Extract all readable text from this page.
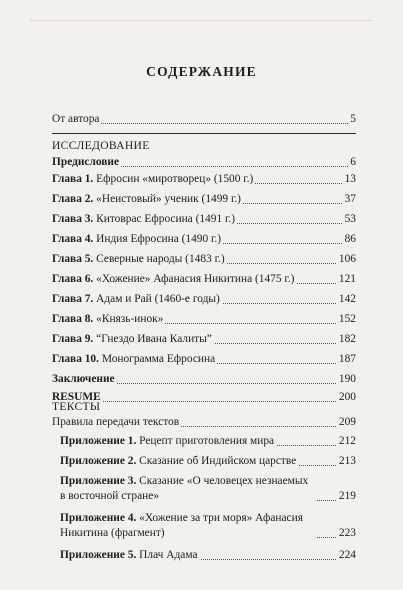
СОДЕРЖАНИЕ
От автора	5
ИССЛЕДОВАНИЕ
Предисловие	6
Глава 1. Ефросин «миротворец» (1500 г.)	13
Глава 2. «Неистовый» ученик (1499 г.)	37
Глава 3. Китоврас Ефросина (1491 г.)	53
Глава 4. Индия Ефросина (1490 г.)	86
Глава 5. Северные народы (1483 г.)	106
Глава 6. «Хожение» Афанасия Никитина (1475 г.)	121
Глава 7. Адам и Рай (1460-е годы)	142
Глава 8. «Князь-инок»	152
Глава 9. “Гнездо Ивана Калиты”	182
Глава 10. Монограмма Ефросина	187
Заключение	190
RESUME	200
ТЕКСТЫ
Правила передачи текстов	209
Приложение 1. Рецепт приготовления мира	212
Приложение 2. Сказание об Индийском царстве	213
Приложение 3. Сказание «О человецех незнаемых
в восточной стране»	219
Приложение 4. «Хожение за три моря» Афанасия
Никитина (фрагмент)	223
Приложение 5. Плач Адама	224
